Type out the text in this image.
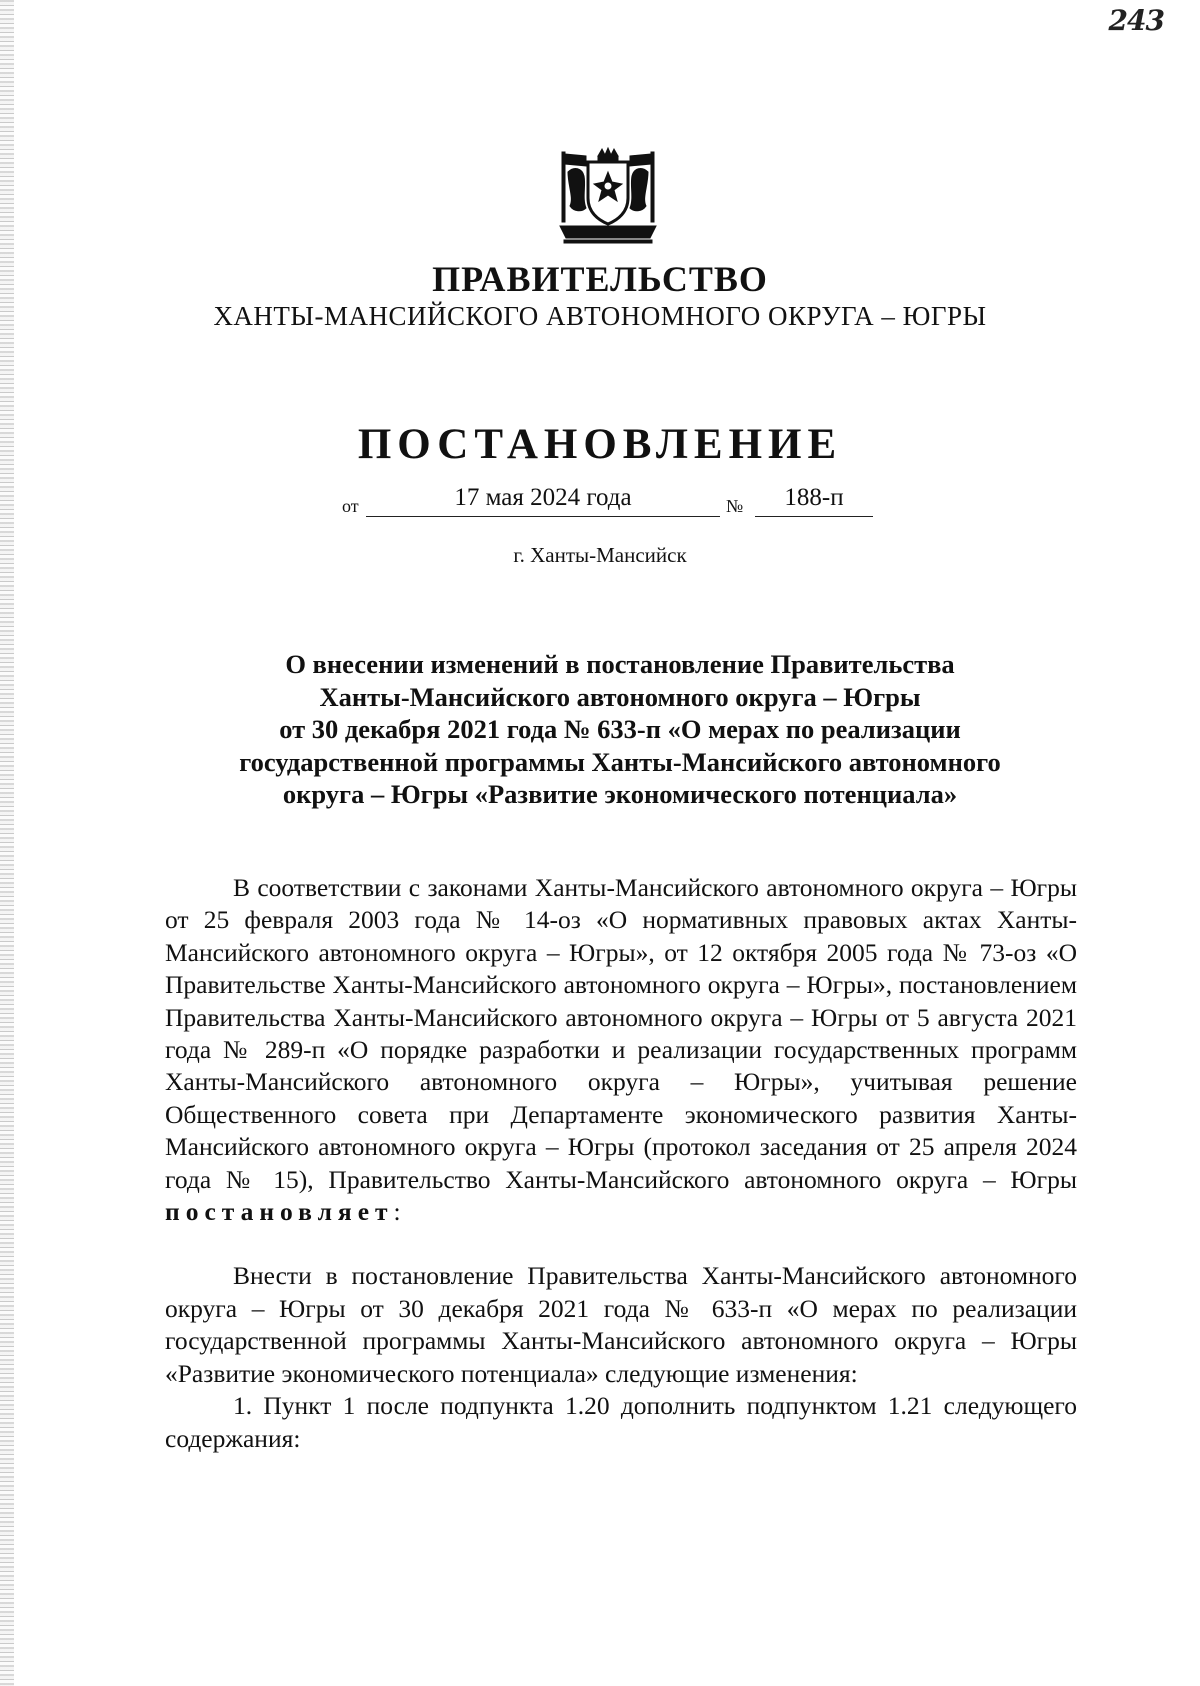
243
ПРАВИТЕЛЬСТВО
ХАНТЫ-МАНСИЙСКОГО АВТОНОМНОГО ОКРУГА – ЮГРЫ
ПОСТАНОВЛЕНИЕ
от	17 мая 2024 года	№	188-п
г. Ханты-Мансийск
О внесении изменений в постановление Правительства
Ханты-Мансийского автономного округа – Югры
от 30 декабря 2021 года № 633-п «О мерах по реализации
государственной программы Ханты-Мансийского автономного
округа – Югры «Развитие экономического потенциала»

В соответствии с законами Ханты-Мансийского автономного округа – Югры от 25 февраля 2003 года № 14-оз «О нормативных правовых актах Ханты-Мансийского автономного округа – Югры», от 12 октября 2005 года № 73-оз «О Правительстве Ханты-Мансийского автономного округа – Югры», постановлением Правительства Ханты-Мансийского автономного округа – Югры от 5 августа 2021 года № 289-п «О порядке разработки и реализации государственных программ Ханты-Мансийского автономного округа – Югры», учитывая решение Общественного совета при Департаменте экономического развития Ханты-Мансийского автономного округа – Югры (протокол заседания от 25 апреля 2024 года № 15), Правительство Ханты-Мансийского автономного округа – Югры постановляет:

Внести в постановление Правительства Ханты-Мансийского автономного округа – Югры от 30 декабря 2021 года № 633-п «О мерах по реализации государственной программы Ханты-Мансийского автономного округа – Югры «Развитие экономического потенциала» следующие изменения:

1. Пункт 1 после подпункта 1.20 дополнить подпунктом 1.21 следующего содержания:
